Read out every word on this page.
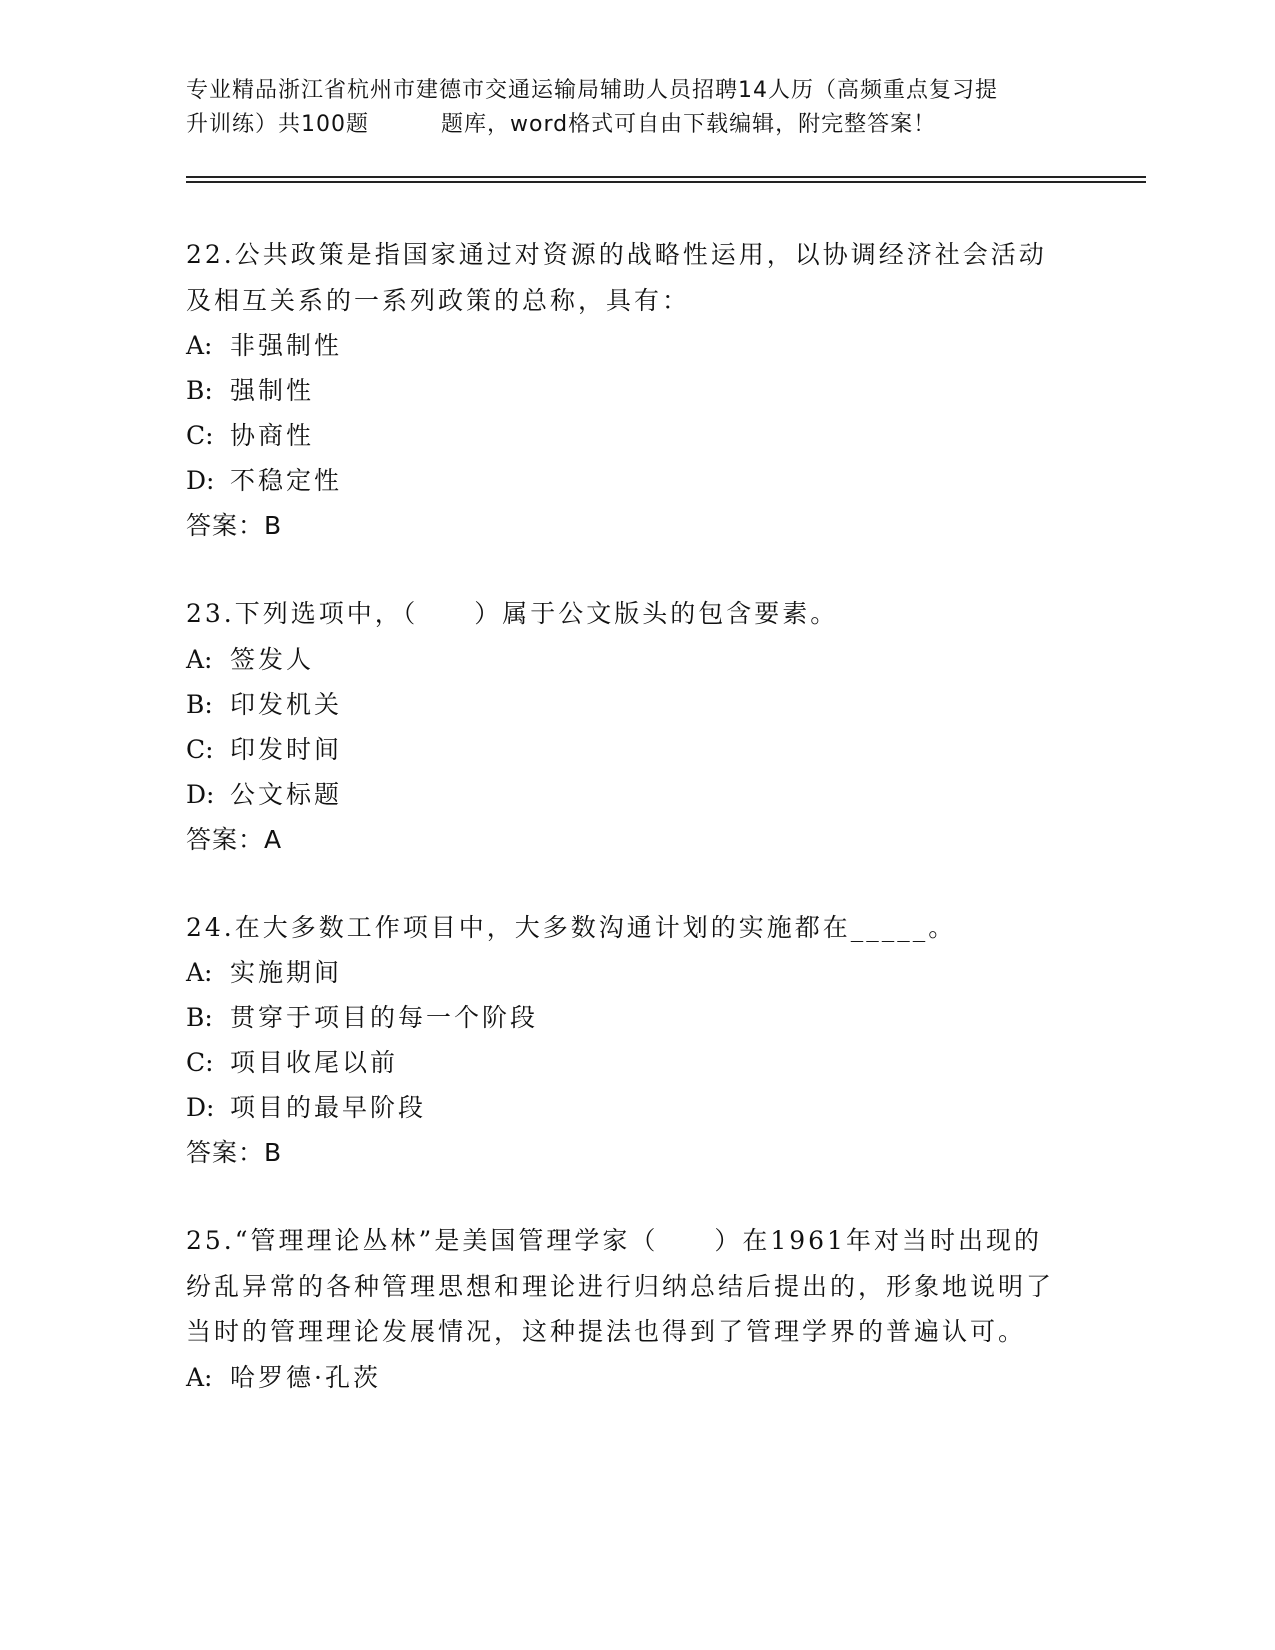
专业精品浙江省杭州市建德市交通运输局辅助人员招聘14人历（高频重点复习提
升训练）共100题	题库，word格式可自由下载编辑，附完整答案！
22.公共政策是指国家通过对资源的战略性运用，以协调经济社会活动及相互关系的一系列政策的总称，具有：
A: 非强制性
B: 强制性
C: 协商性
D: 不稳定性
答案：B
23.下列选项中，（　　）属于公文版头的包含要素。
A: 签发人
B: 印发机关
C: 印发时间
D: 公文标题
答案：A
24.在大多数工作项目中，大多数沟通计划的实施都在_____。
A: 实施期间
B: 贯穿于项目的每一个阶段
C: 项目收尾以前
D: 项目的最早阶段
答案：B
25.“管理理论丛林”是美国管理学家（　　）在1961年对当时出现的纷乱异常的各种管理思想和理论进行归纳总结后提出的，形象地说明了当时的管理理论发展情况，这种提法也得到了管理学界的普遍认可。
A: 哈罗德·孔茨
